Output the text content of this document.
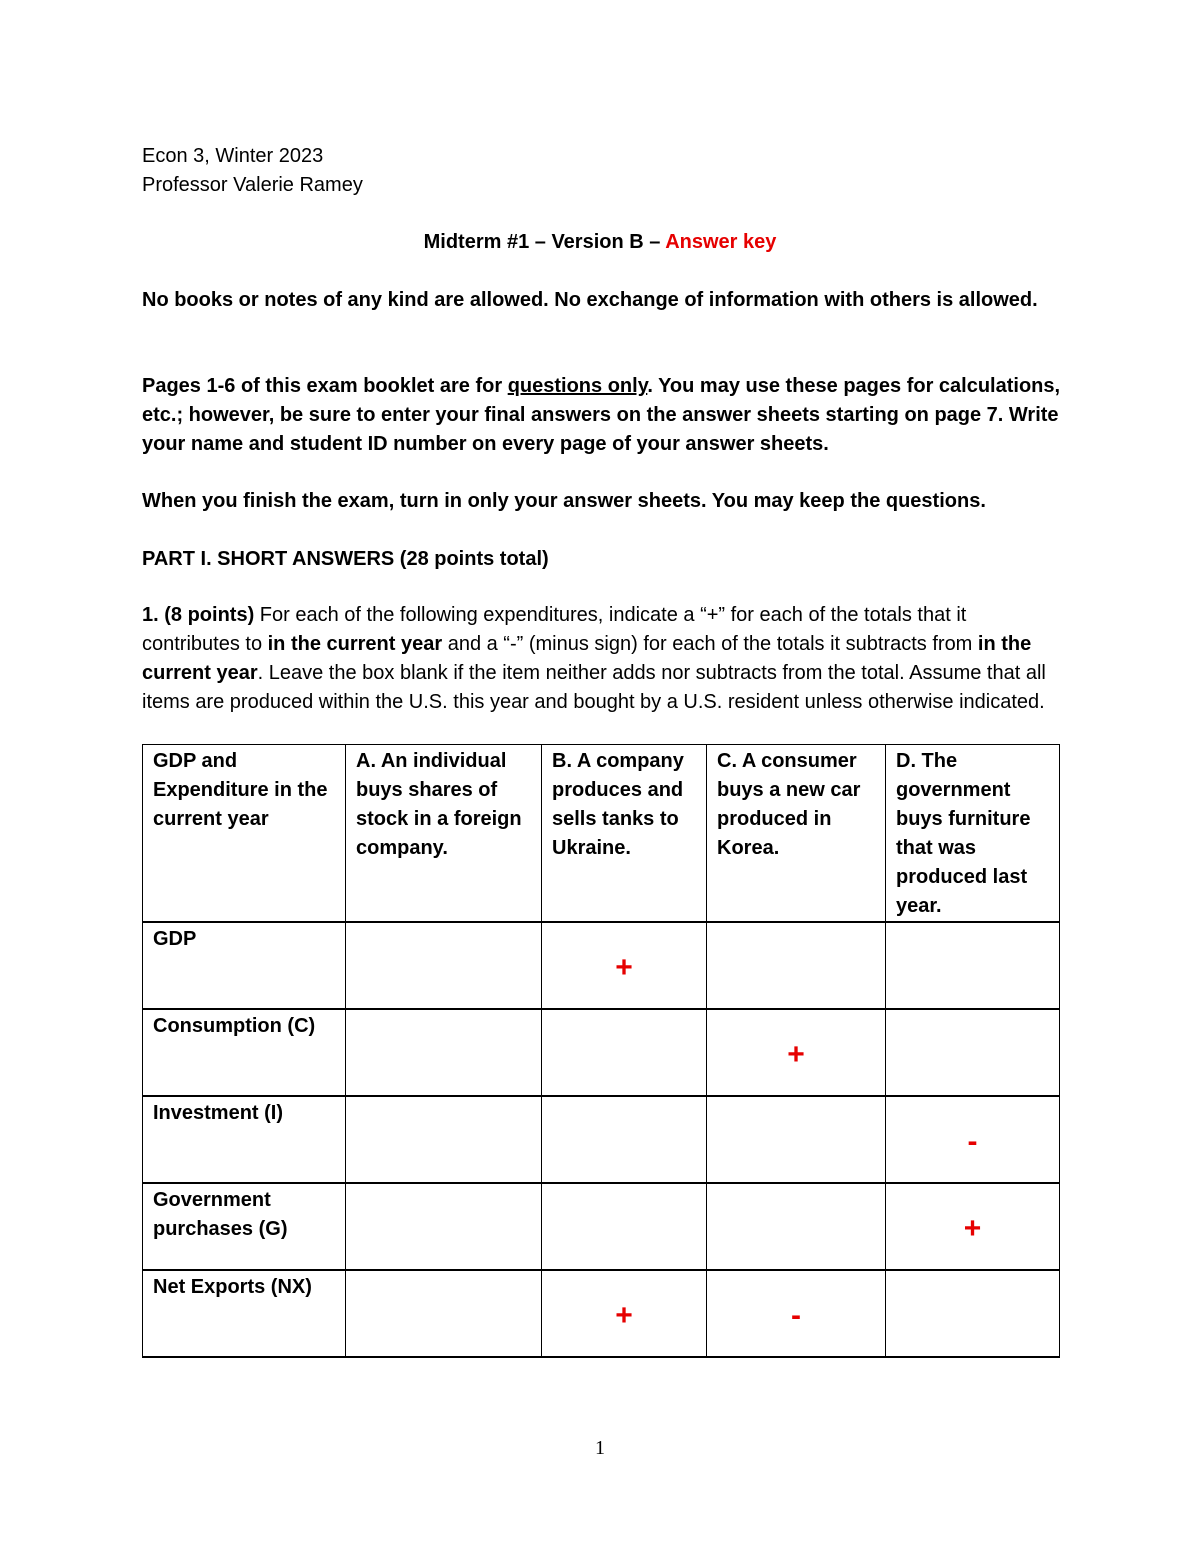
Econ 3, Winter 2023
Professor Valerie Ramey
Midterm #1 – Version B – Answer key
No books or notes of any kind are allowed. No exchange of information with others is allowed.
Pages 1-6 of this exam booklet are for questions only. You may use these pages for calculations, etc.; however, be sure to enter your final answers on the answer sheets starting on page 7. Write your name and student ID number on every page of your answer sheets.
When you finish the exam, turn in only your answer sheets. You may keep the questions.
PART I. SHORT ANSWERS (28 points total)
1. (8 points) For each of the following expenditures, indicate a “+” for each of the totals that it contributes to in the current year and a “-” (minus sign) for each of the totals it subtracts from in the current year. Leave the box blank if the item neither adds nor subtracts from the total. Assume that all items are produced within the U.S. this year and bought by a U.S. resident unless otherwise indicated.
GDP and Expenditure in the current year	A. An individual buys shares of stock in a foreign company.	B. A company produces and sells tanks to Ukraine.	C. A consumer buys a new car produced in Korea.	D. The government buys furniture that was produced last year.
GDP		+		

Consumption (C)			+	

Investment (I)				-

Government purchases (G)				+

Net Exports (NX)		+	-	

1
